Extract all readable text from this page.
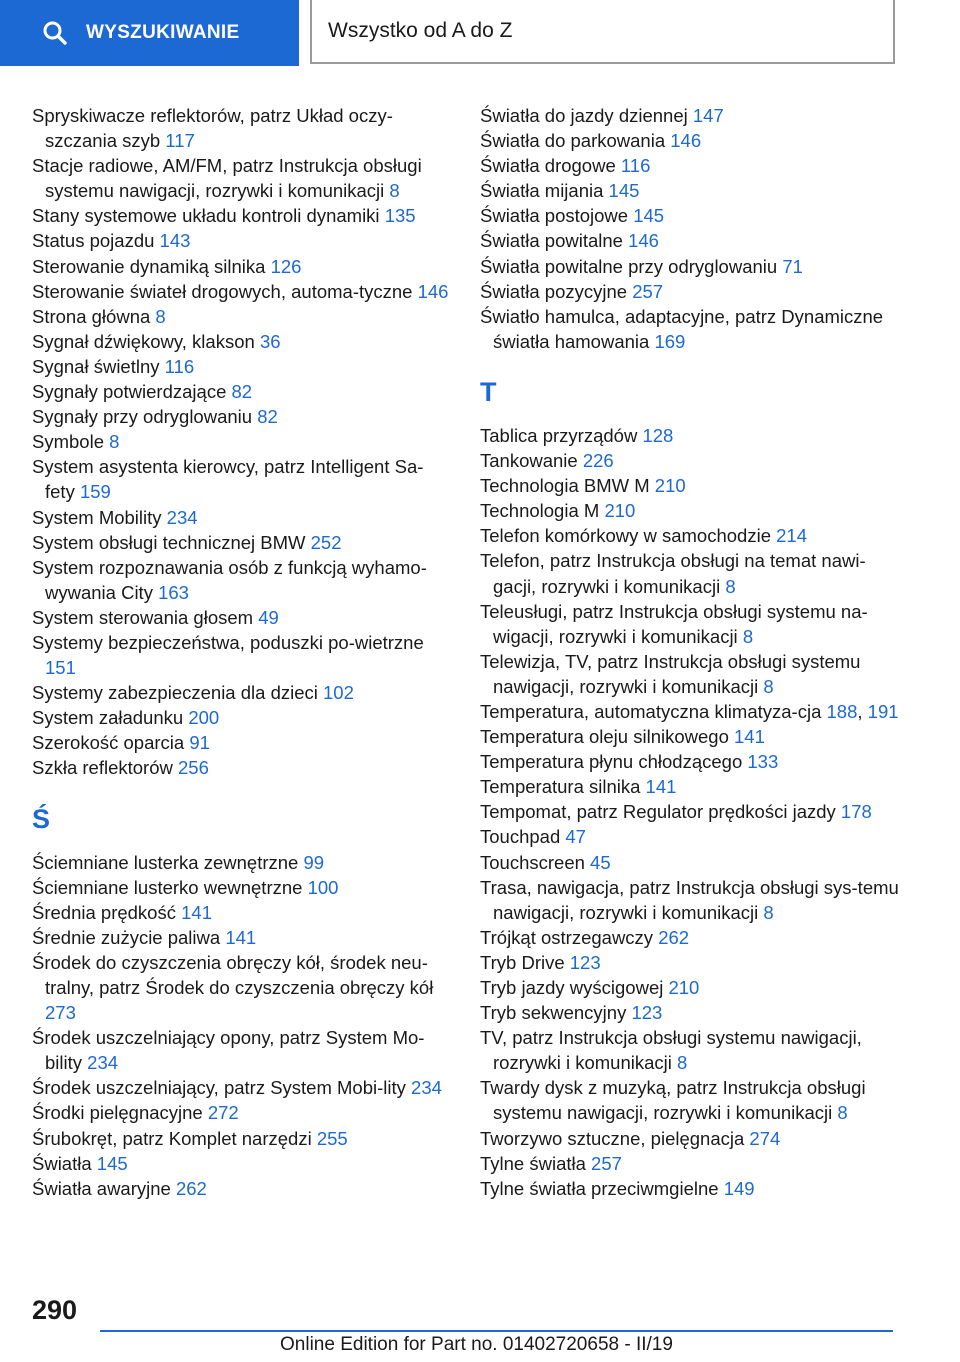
WYSZUKIWANIE	Wszystko od A do Z
Spryskiwacze reflektorów, patrz Układ oczy-szczania szyb 117
Stacje radiowe, AM/FM, patrz Instrukcja obsługi systemu nawigacji, rozrywki i komunikacji 8
Stany systemowe układu kontroli dynamiki 135
Status pojazdu 143
Sterowanie dynamiką silnika 126
Sterowanie świateł drogowych, automa-tyczne 146
Strona główna 8
Sygnał dźwiękowy, klakson 36
Sygnał świetlny 116
Sygnały potwierdzające 82
Sygnały przy odryglowaniu 82
Symbole 8
System asystenta kierowcy, patrz Intelligent Sa-fety 159
System Mobility 234
System obsługi technicznej BMW 252
System rozpoznawania osób z funkcją wyhamo-wywania City 163
System sterowania głosem 49
Systemy bezpieczeństwa, poduszki po-wietrzne 151
Systemy zabezpieczenia dla dzieci 102
System załadunku 200
Szerokość oparcia 91
Szkła reflektorów 256
Ś
Ściemniane lusterka zewnętrzne 99
Ściemniane lusterko wewnętrzne 100
Średnia prędkość 141
Średnie zużycie paliwa 141
Środek do czyszczenia obręczy kół, środek neu-tralny, patrz Środek do czyszczenia obręczy kół 273
Środek uszczelniający opony, patrz System Mo-bility 234
Środek uszczelniający, patrz System Mobi-lity 234
Środki pielęgnacyjne 272
Śrubokręt, patrz Komplet narzędzi 255
Światła 145
Światła awaryjne 262
Światła do jazdy dziennej 147
Światła do parkowania 146
Światła drogowe 116
Światła mijania 145
Światła postojowe 145
Światła powitalne 146
Światła powitalne przy odryglowaniu 71
Światła pozycyjne 257
Światło hamulca, adaptacyjne, patrz Dynamiczne światła hamowania 169
T
Tablica przyrządów 128
Tankowanie 226
Technologia BMW M 210
Technologia M 210
Telefon komórkowy w samochodzie 214
Telefon, patrz Instrukcja obsługi na temat nawi-gacji, rozrywki i komunikacji 8
Teleusługi, patrz Instrukcja obsługi systemu na-wigacji, rozrywki i komunikacji 8
Telewizja, TV, patrz Instrukcja obsługi systemu nawigacji, rozrywki i komunikacji 8
Temperatura, automatyczna klimatyza-cja 188, 191
Temperatura oleju silnikowego 141
Temperatura płynu chłodzącego 133
Temperatura silnika 141
Tempomat, patrz Regulator prędkości jazdy 178
Touchpad 47
Touchscreen 45
Trasa, nawigacja, patrz Instrukcja obsługi sys-temu nawigacji, rozrywki i komunikacji 8
Trójkąt ostrzegawczy 262
Tryb Drive 123
Tryb jazdy wyścigowej 210
Tryb sekwencyjny 123
TV, patrz Instrukcja obsługi systemu nawigacji, rozrywki i komunikacji 8
Twardy dysk z muzyką, patrz Instrukcja obsługi systemu nawigacji, rozrywki i komunikacji 8
Tworzywo sztuczne, pielęgnacja 274
Tylne światła 257
Tylne światła przeciwmgielne 149
290
Online Edition for Part no. 01402720658 - II/19
